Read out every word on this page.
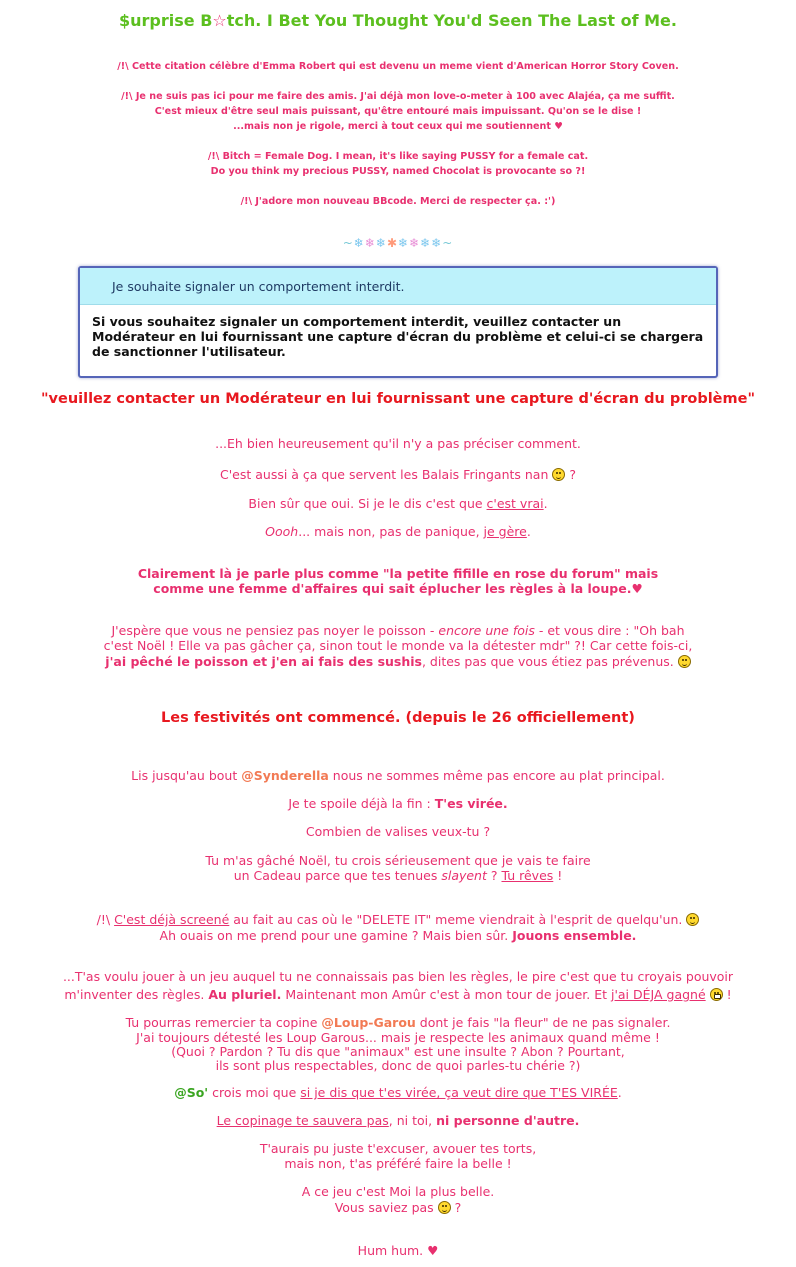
$urprise B☆tch. I Bet You Thought You'd Seen The Last of Me.
/!\ Cette citation célèbre d'Emma Robert qui est devenu un meme vient d'American Horror Story Coven.
/!\ Je ne suis pas ici pour me faire des amis. J'ai déjà mon love-o-meter à 100 avec Alajéa, ça me suffit.
C'est mieux d'être seul mais puissant, qu'être entouré mais impuissant. Qu'on se le dise !
...mais non je rigole, merci à tout ceux qui me soutiennent ♥
/!\ Bitch = Female Dog. I mean, it's like saying PUSSY for a female cat.
Do you think my precious PUSSY, named Chocolat is provocante so ?!
/!\ J'adore mon nouveau BBcode. Merci de respecter ça. :')
~❄❄❄✱❄❄❄❄~
Je souhaite signaler un comportement interdit.
Si vous souhaitez signaler un comportement interdit, veuillez contacter un Modérateur en lui fournissant une capture d'écran du problème et celui-ci se chargera de sanctionner l'utilisateur.
"veuillez contacter un Modérateur en lui fournissant une capture d'écran du problème"
...Eh bien heureusement qu'il n'y a pas préciser comment.
C'est aussi à ça que servent les Balais Fringants nan
?
Bien sûr que oui. Si je le dis c'est que c'est vrai.
Oooh... mais non, pas de panique, je gère.
Clairement là je parle plus comme "la petite fifille en rose du forum" mais
comme une femme d'affaires qui sait éplucher les règles à la loupe.♥
J'espère que vous ne pensiez pas noyer le poisson - encore une fois - et vous dire : "Oh bah
c'est Noël ! Elle va pas gâcher ça, sinon tout le monde va la détester mdr" ?! Car cette fois-ci,
j'ai pêché le poisson et j'en ai fais des sushis, dites pas que vous étiez pas prévenus.
Les festivités ont commencé. (depuis le 26 officiellement)
Lis jusqu'au bout @Synderella nous ne sommes même pas encore au plat principal.
Je te spoile déjà la fin : T'es virée.
Combien de valises veux-tu ?
Tu m'as gâché Noël, tu crois sérieusement que je vais te faire
un Cadeau parce que tes tenues slayent ? Tu rêves !
/!\ C'est déjà screené au fait au cas où le "DELETE IT" meme viendrait à l'esprit de quelqu'un.
Ah ouais on me prend pour une gamine ? Mais bien sûr. Jouons ensemble.
...T'as voulu jouer à un jeu auquel tu ne connaissais pas bien les règles, le pire c'est que tu croyais pouvoir
m'inventer des règles. Au pluriel. Maintenant mon Amûr c'est à mon tour de jouer. Et j'ai DÉJA gagné
!
Tu pourras remercier ta copine @Loup-Garou dont je fais "la fleur" de ne pas signaler.
J'ai toujours détesté les Loup Garous... mais je respecte les animaux quand même !
(Quoi ? Pardon ? Tu dis que "animaux" est une insulte ? Abon ? Pourtant,
ils sont plus respectables, donc de quoi parles-tu chérie ?)
@So' crois moi que si je dis que t'es virée, ça veut dire que T'ES VIRÉE.
Le copinage te sauvera pas, ni toi, ni personne d'autre.
T'aurais pu juste t'excuser, avouer tes torts,
mais non, t'as préféré faire la belle !
A ce jeu c'est Moi la plus belle.
Vous saviez pas
?
Hum hum. ♥
